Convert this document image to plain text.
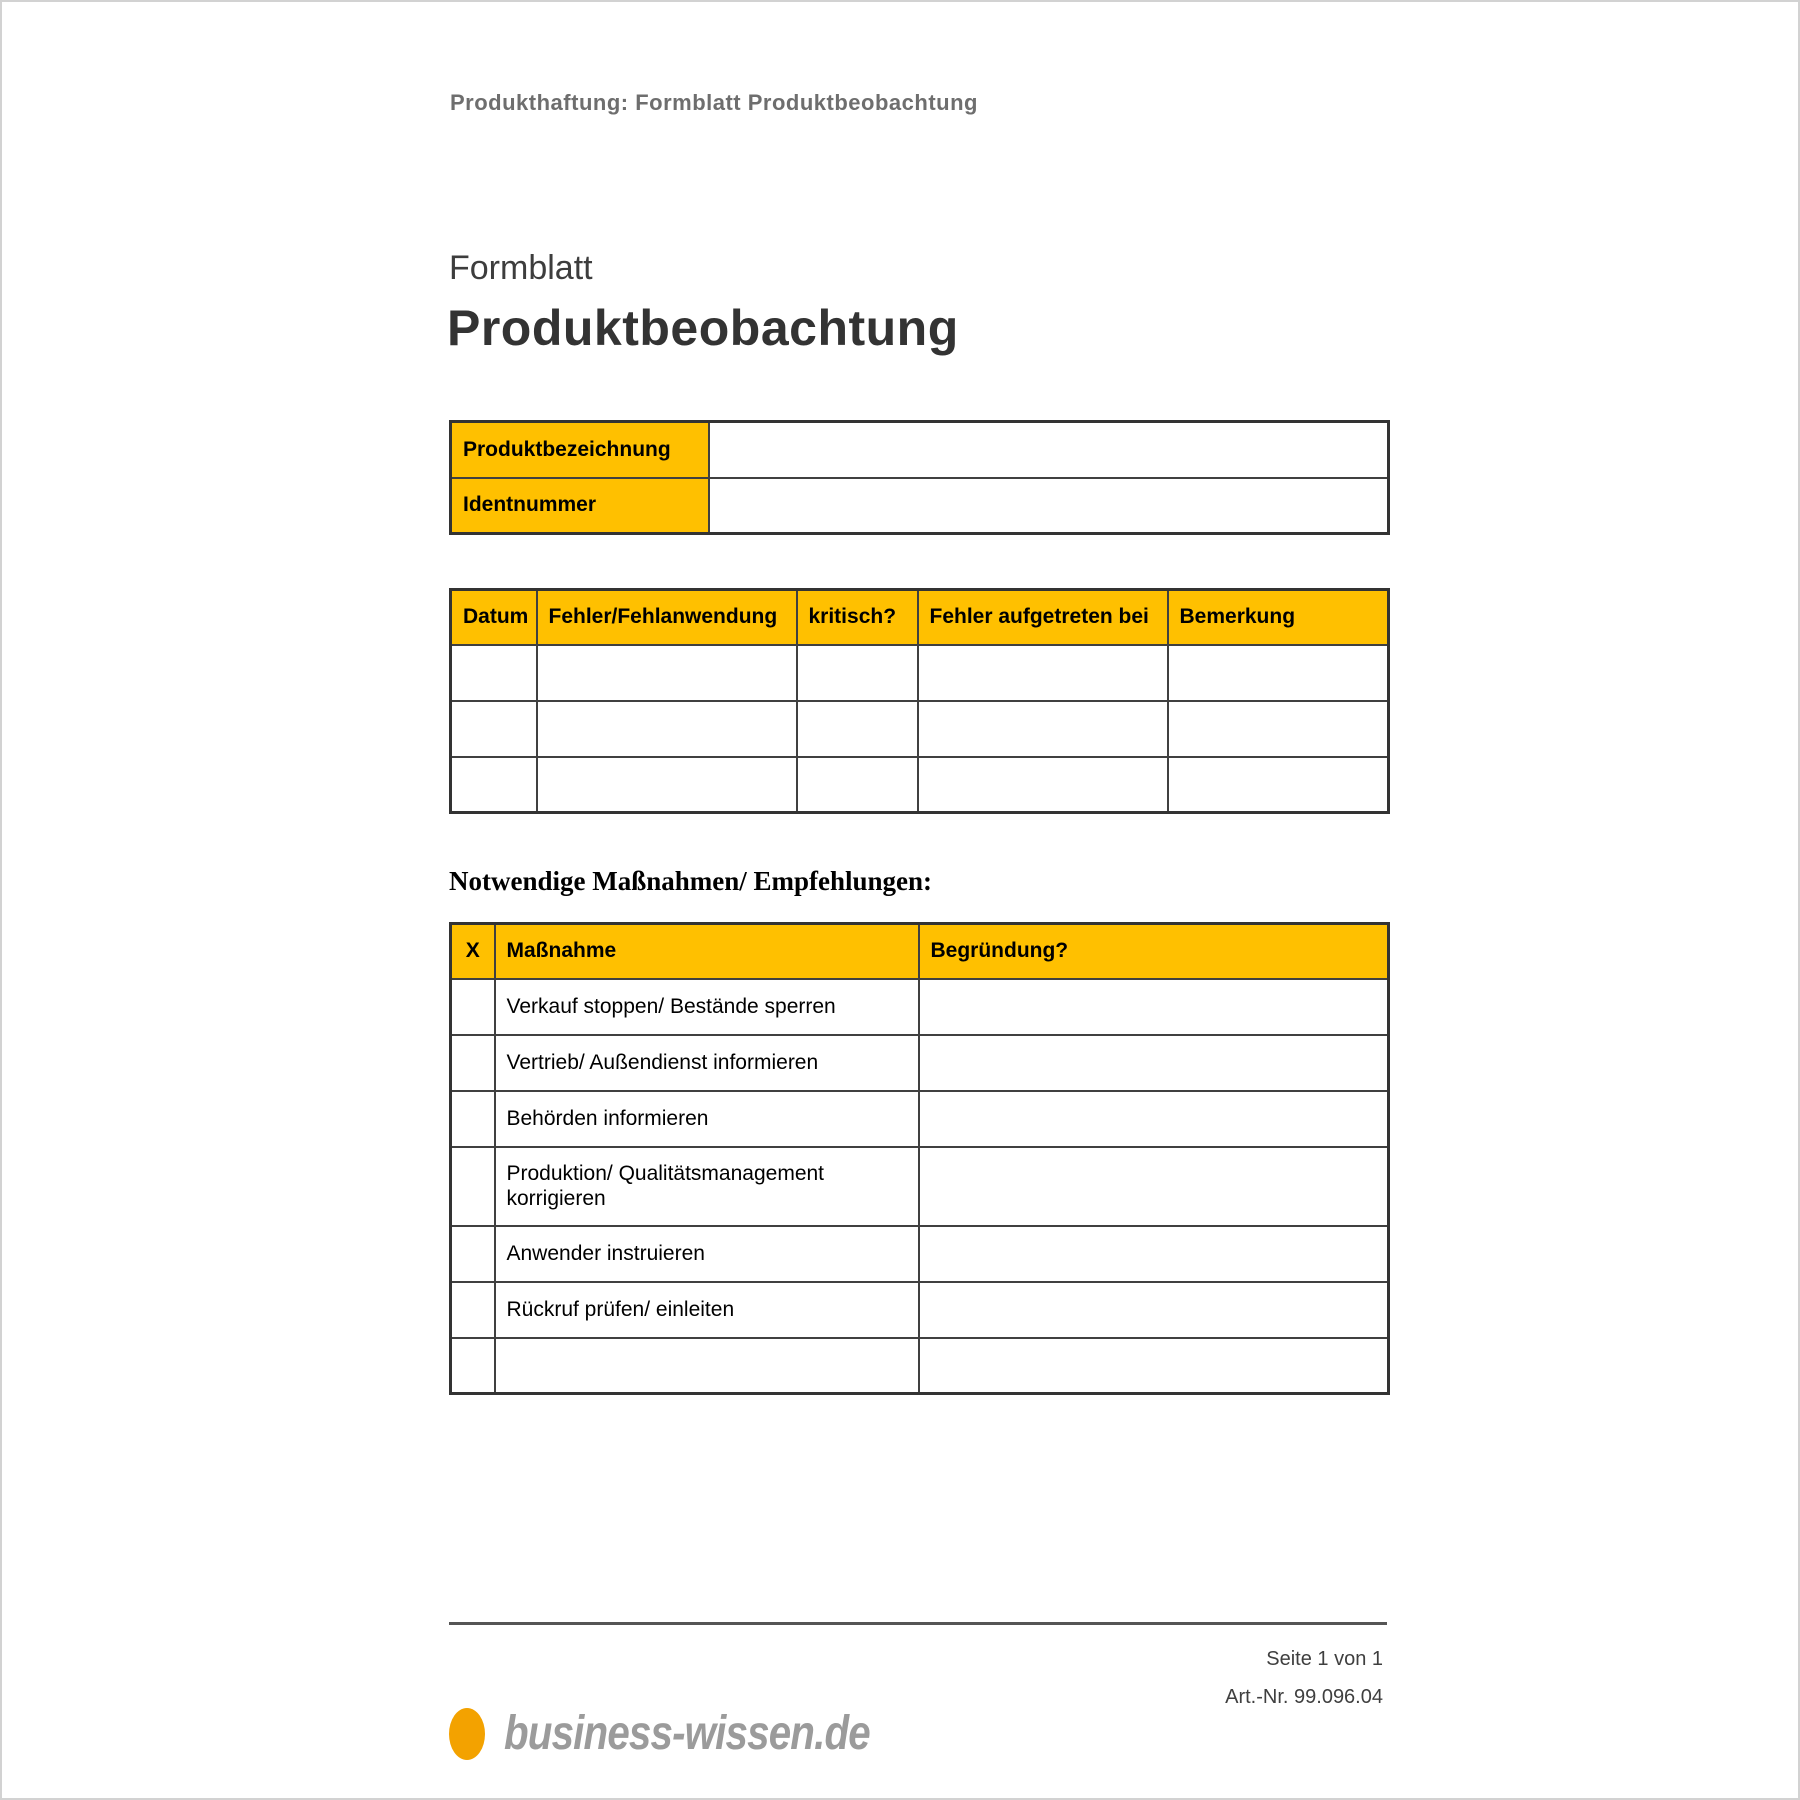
Produkthaftung: Formblatt Produktbeobachtung
Formblatt
Produktbeobachtung
Produktbezeichnung	
Identnummer	
Datum	Fehler/Fehlanwendung	kritisch?	Fehler aufgetreten bei	Bemerkung

Notwendige Maßnahmen/ Empfehlungen:
X	Maßnahme	Begründung?
	Verkauf stoppen/ Bestände sperren	
	Vertrieb/ Außendienst informieren	
	Behörden informieren	
	Produktion/ Qualitätsmanagement korrigieren	
	Anwender instruieren	
	Rückruf prüfen/ einleiten	

business-wissen.de
Seite 1 von 1
Art.-Nr. 99.096.04
